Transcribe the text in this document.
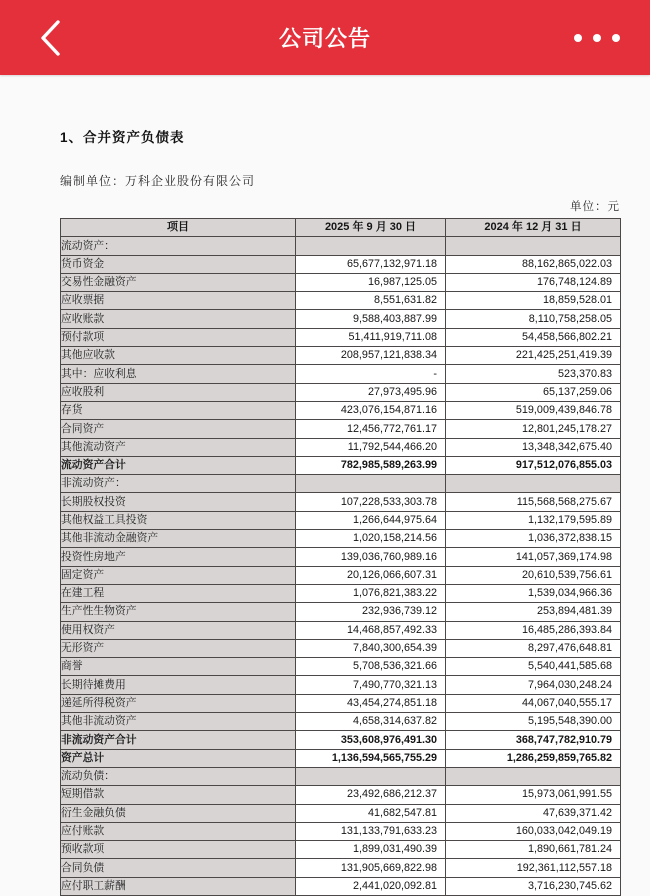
公司公告
1、合并资产负债表

编制单位：万科企业股份有限公司

单位：元

项目	2025 年 9 月 30 日	2024 年 12 月 31 日
流动资产：		
货币资金	65,677,132,971.18	88,162,865,022.03
交易性金融资产	16,987,125.05	176,748,124.89
应收票据	8,551,631.82	18,859,528.01
应收账款	9,588,403,887.99	8,110,758,258.05
预付款项	51,411,919,711.08	54,458,566,802.21
其他应收款	208,957,121,838.34	221,425,251,419.39
其中：应收利息	-	523,370.83
应收股利	27,973,495.96	65,137,259.06
存货	423,076,154,871.16	519,009,439,846.78
合同资产	12,456,772,761.17	12,801,245,178.27
其他流动资产	11,792,544,466.20	13,348,342,675.40
流动资产合计	782,985,589,263.99	917,512,076,855.03
非流动资产：		
长期股权投资	107,228,533,303.78	115,568,568,275.67
其他权益工具投资	1,266,644,975.64	1,132,179,595.89
其他非流动金融资产	1,020,158,214.56	1,036,372,838.15
投资性房地产	139,036,760,989.16	141,057,369,174.98
固定资产	20,126,066,607.31	20,610,539,756.61
在建工程	1,076,821,383.22	1,539,034,966.36
生产性生物资产	232,936,739.12	253,894,481.39
使用权资产	14,468,857,492.33	16,485,286,393.84
无形资产	7,840,300,654.39	8,297,476,648.81
商誉	5,708,536,321.66	5,540,441,585.68
长期待摊费用	7,490,770,321.13	7,964,030,248.24
递延所得税资产	43,454,274,851.18	44,067,040,555.17
其他非流动资产	4,658,314,637.82	5,195,548,390.00
非流动资产合计	353,608,976,491.30	368,747,782,910.79
资产总计	1,136,594,565,755.29	1,286,259,859,765.82
流动负债：		
短期借款	23,492,686,212.37	15,973,061,991.55
衍生金融负债	41,682,547.81	47,639,371.42
应付账款	131,133,791,633.23	160,033,042,049.19
预收款项	1,899,031,490.39	1,890,661,781.24
合同负债	131,905,669,822.98	192,361,112,557.18
应付职工薪酬	2,441,020,092.81	3,716,230,745.62
